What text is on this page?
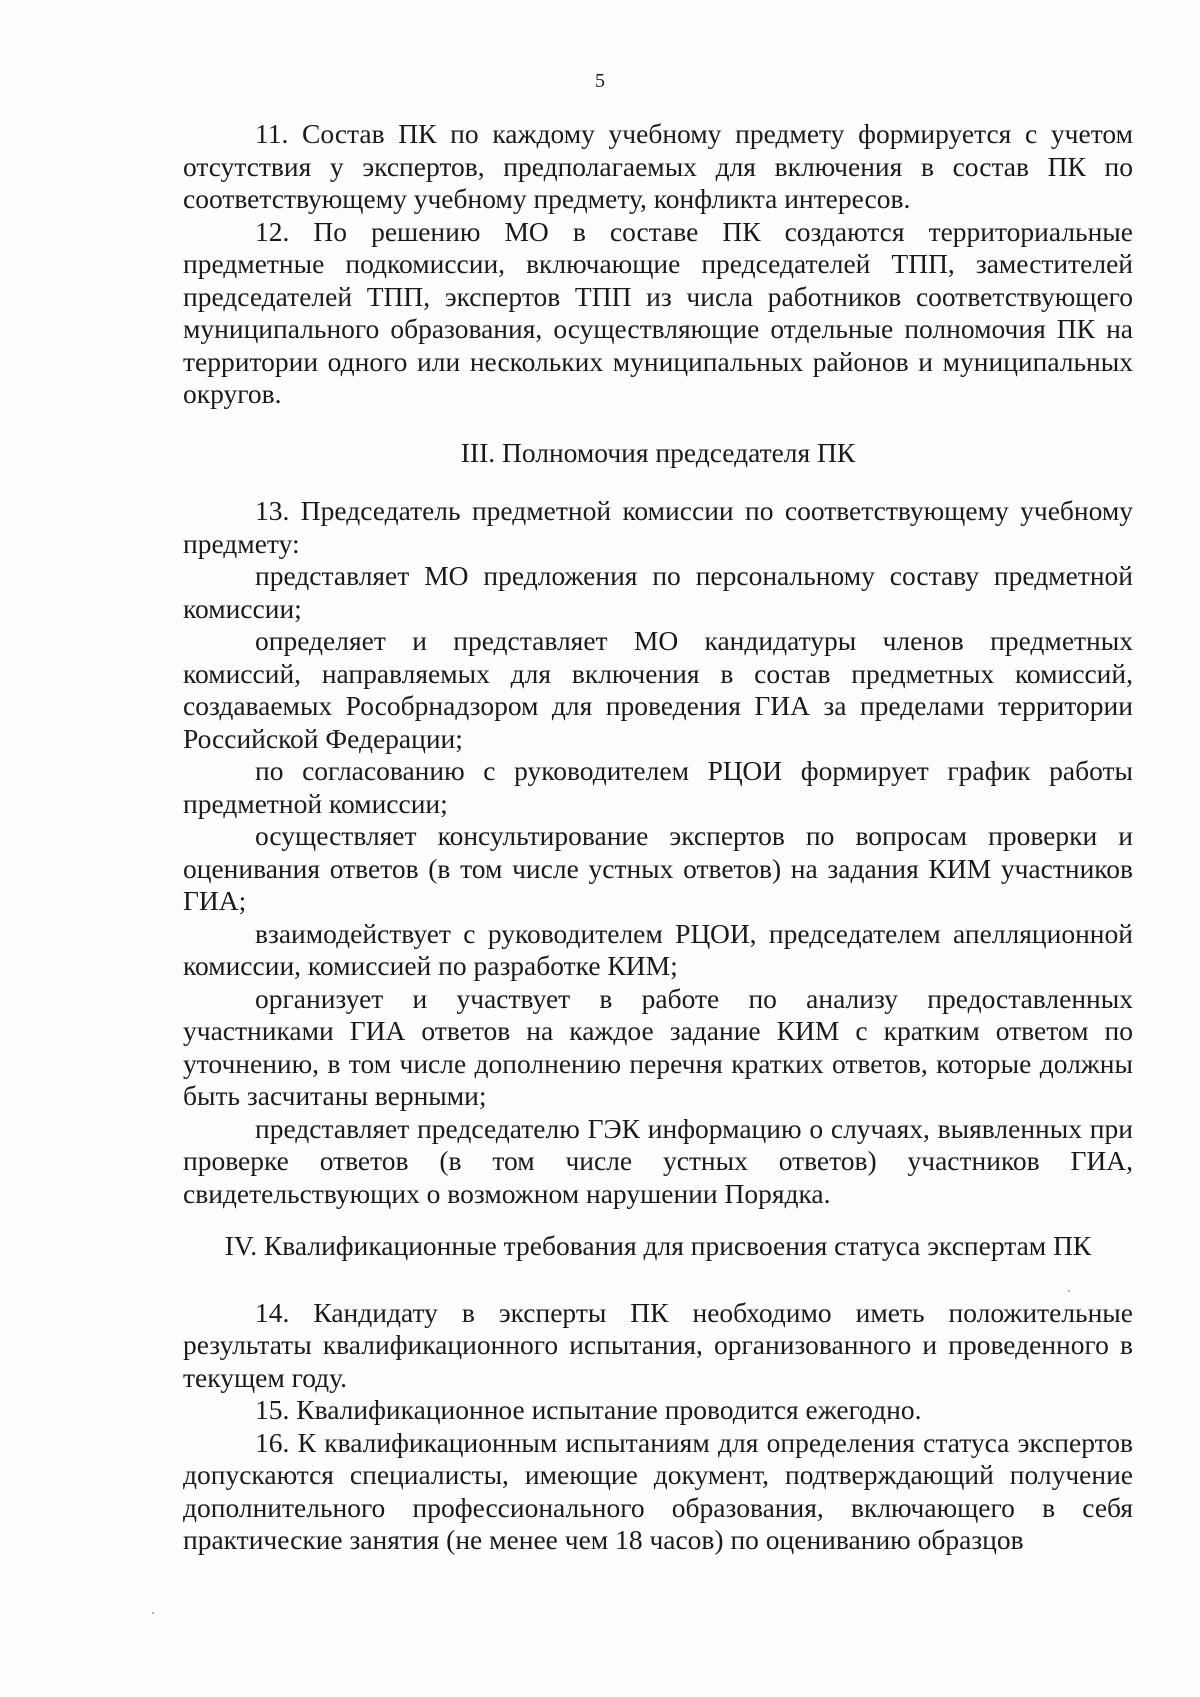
5

11. Состав ПК по каждому учебному предмету формируется с учетом отсутствия у экспертов, предполагаемых для включения в состав ПК по соответствующему учебному предмету, конфликта интересов.

12. По решению МО в составе ПК создаются территориальные предметные подкомиссии, включающие председателей ТПП, заместителей председателей ТПП, экспертов ТПП из числа работников соответствующего муниципального образования, осуществляющие отдельные полномочия ПК на территории одного или нескольких муниципальных районов и муниципальных округов.

III. Полномочия председателя ПК

13. Председатель предметной комиссии по соответствующему учебному предмету:

представляет МО предложения по персональному составу предметной комиссии;

определяет и представляет МО кандидатуры членов предметных комиссий, направляемых для включения в состав предметных комиссий, создаваемых Рособрнадзором для проведения ГИА за пределами территории Российской Федерации;

по согласованию с руководителем РЦОИ формирует график работы предметной комиссии;

осуществляет консультирование экспертов по вопросам проверки и оценивания ответов (в том числе устных ответов) на задания КИМ участников ГИА;

взаимодействует с руководителем РЦОИ, председателем апелляционной комиссии, комиссией по разработке КИМ;

организует и участвует в работе по анализу предоставленных участниками ГИА ответов на каждое задание КИМ с кратким ответом по уточнению, в том числе дополнению перечня кратких ответов, которые должны быть засчитаны верными;

представляет председателю ГЭК информацию о случаях, выявленных при проверке ответов (в том числе устных ответов) участников ГИА, свидетельствующих о возможном нарушении Порядка.

IV. Квалификационные требования для присвоения статуса экспертам ПК

14. Кандидату в эксперты ПК необходимо иметь положительные результаты квалификационного испытания, организованного и проведенного в текущем году.

15. Квалификационное испытание проводится ежегодно.

16. К квалификационным испытаниям для определения статуса экспертов допускаются специалисты, имеющие документ, подтверждающий получение дополнительного профессионального образования, включающего в себя практические занятия (не менее чем 18 часов) по оцениванию образцов
